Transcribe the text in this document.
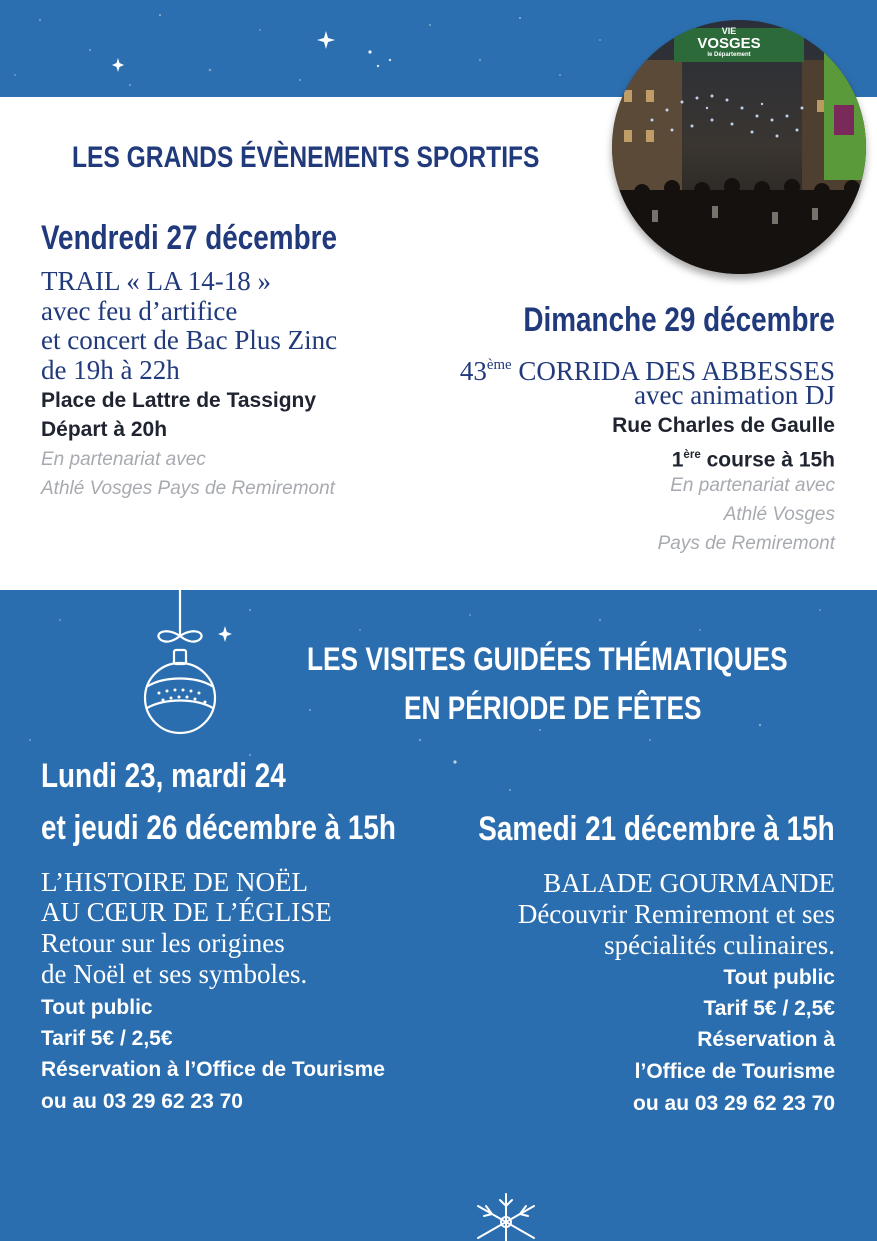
LES GRANDS ÉVÈNEMENTS SPORTIFS
Vendredi 27 décembre
TRAIL « LA 14-18 »
avec feu d’artifice
et concert de Bac Plus Zinc
de 19h à 22h
Place de Lattre de Tassigny
Départ à 20h
En partenariat avec
Athlé Vosges Pays de Remiremont
Dimanche 29 décembre
43ème CORRIDA DES ABBESSES
avec animation DJ
Rue Charles de Gaulle
1ère course à 15h
En partenariat avec
Athlé Vosges
Pays de Remiremont
VIE
VOSGES
le Département
LES VISITES GUIDÉES THÉMATIQUES
EN PÉRIODE DE FÊTES
Lundi 23, mardi 24
et jeudi 26 décembre à 15h
L’HISTOIRE DE NOËL
AU CŒUR DE L’ÉGLISE
Retour sur les origines
de Noël et ses symboles.
Tout public
Tarif 5€ / 2,5€
Réservation à l’Office de Tourisme
ou au 03 29 62 23 70
Samedi 21 décembre à 15h
BALADE GOURMANDE
Découvrir Remiremont et ses
spécialités culinaires.
Tout public
Tarif 5€ / 2,5€
Réservation à
l’Office de Tourisme
ou au 03 29 62 23 70
